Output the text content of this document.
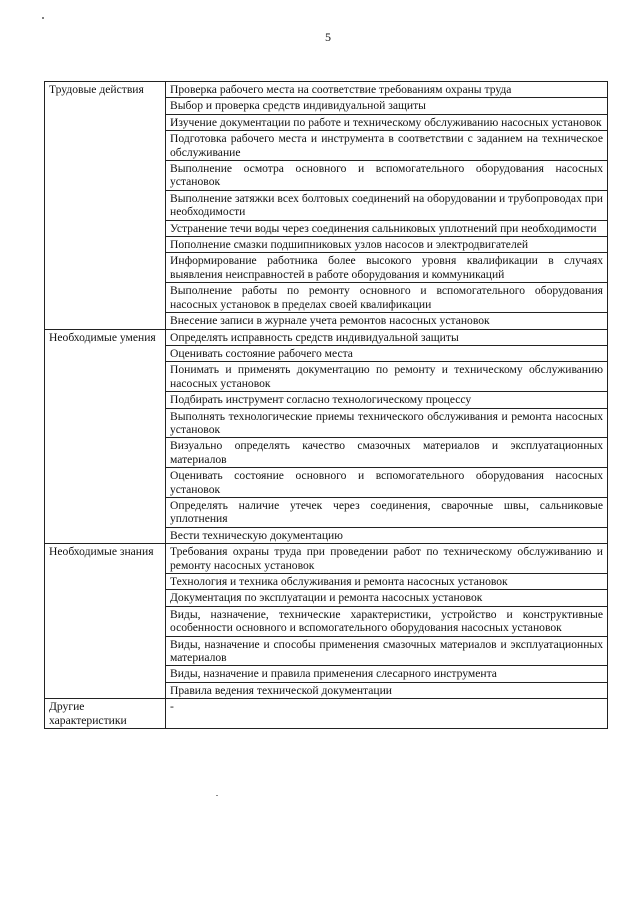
5
Трудовые действия	Проверка рабочего места на соответствие требованиям охраны труда
	Выбор и проверка средств индивидуальной защиты
	Изучение документации по работе и техническому обслуживанию насосных установок
	Подготовка рабочего места и инструмента в соответствии с заданием на техническое обслуживание
	Выполнение осмотра основного и вспомогательного оборудования насосных установок
	Выполнение затяжки всех болтовых соединений на оборудовании и трубопроводах при необходимости
	Устранение течи воды через соединения сальниковых уплотнений при необходимости
	Пополнение смазки подшипниковых узлов насосов и электродвигателей
	Информирование работника более высокого уровня квалификации в случаях выявления неисправностей в работе оборудования и коммуникаций
	Выполнение работы по ремонту основного и вспомогательного оборудования насосных установок в пределах своей квалификации
	Внесение записи в журнале учета ремонтов насосных установок
Необходимые умения	Определять исправность средств индивидуальной защиты
	Оценивать состояние рабочего места
	Понимать и применять документацию по ремонту и техническому обслуживанию насосных установок
	Подбирать инструмент согласно технологическому процессу
	Выполнять технологические приемы технического обслуживания и ремонта насосных установок
	Визуально определять качество смазочных материалов и эксплуатационных материалов
	Оценивать состояние основного и вспомогательного оборудования насосных установок
	Определять наличие утечек через соединения, сварочные швы, сальниковые уплотнения
	Вести техническую документацию
Необходимые знания	Требования охраны труда при проведении работ по техническому обслуживанию и ремонту насосных установок
	Технология и техника обслуживания и ремонта насосных установок
	Документация по эксплуатации и ремонта насосных установок
	Виды, назначение, технические характеристики, устройство и конструктивные особенности основного и вспомогательного оборудования насосных установок
	Виды, назначение и способы применения смазочных материалов и эксплуатационных материалов
	Виды, назначение и правила применения слесарного инструмента
	Правила ведения технической документации
Другие характеристики	-
